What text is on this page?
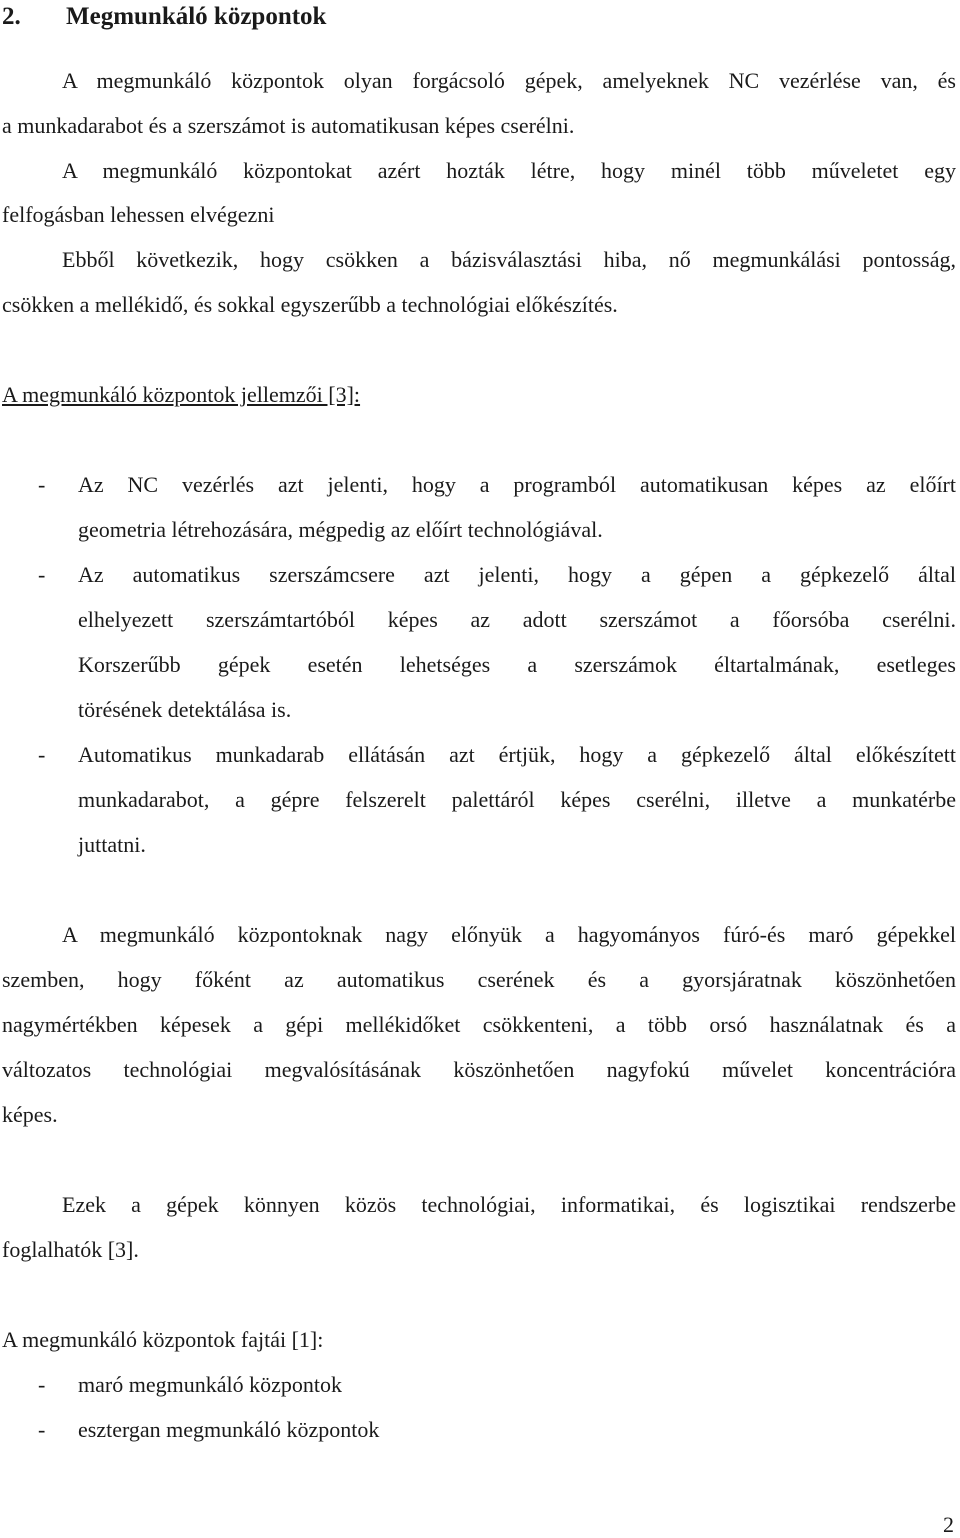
2. Megmunkáló központok
A megmunkáló központok olyan forgácsoló gépek, amelyeknek NC vezérlése van, és
a munkadarabot és a szerszámot is automatikusan képes cserélni.
A megmunkáló központokat azért hozták létre, hogy minél több műveletet egy
felfogásban lehessen elvégezni
Ebből következik, hogy csökken a bázisválasztási hiba, nő megmunkálási pontosság,
csökken a mellékidő, és sokkal egyszerűbb a technológiai előkészítés.
A megmunkáló központok jellemzői [3]:
- Az NC vezérlés azt jelenti, hogy a programból automatikusan képes az előírt
geometria létrehozására, mégpedig az előírt technológiával.
- Az automatikus szerszámcsere azt jelenti, hogy a gépen a gépkezelő által
elhelyezett szerszámtartóból képes az adott szerszámot a főorsóba cserélni.
Korszerűbb gépek esetén lehetséges a szerszámok éltartalmának, esetleges
törésének detektálása is.
- Automatikus munkadarab ellátásán azt értjük, hogy a gépkezelő által előkészített
munkadarabot, a gépre felszerelt palettáról képes cserélni, illetve a munkatérbe
juttatni.
A megmunkáló központoknak nagy előnyük a hagyományos fúró-és maró gépekkel
szemben, hogy főként az automatikus cserének és a gyorsjáratnak köszönhetően
nagymértékben képesek a gépi mellékidőket csökkenteni, a több orsó használatnak és a
változatos technológiai megvalósításának köszönhetően nagyfokú művelet koncentrációra
képes.
Ezek a gépek könnyen közös technológiai, informatikai, és logisztikai rendszerbe
foglalhatók [3].
A megmunkáló központok fajtái [1]:
- maró megmunkáló központok
- esztergan megmunkáló központok
2
